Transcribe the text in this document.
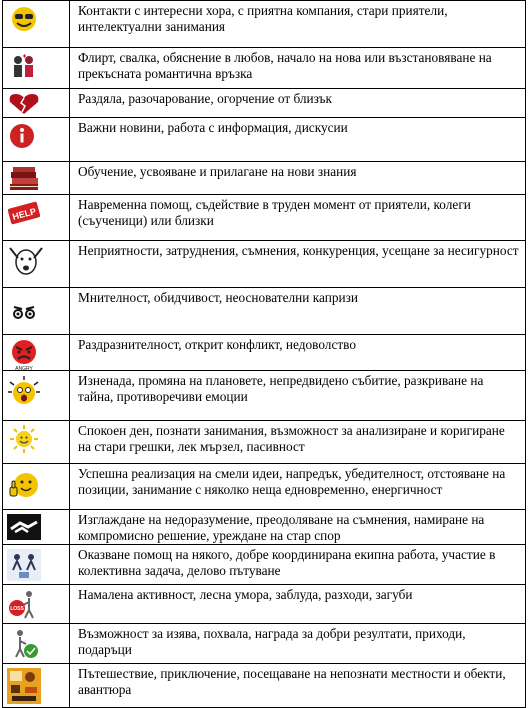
	Контакти с интересни хора, с приятна компания, стари приятели, интелектуални занимания

	Флирт, свалка, обяснение в любов, начало на нова или възстановяване на прекъсната романтична връзка

	Раздяла, разочарование, огорчение от близък

	Важни новини, работа с информация, дискусии

	Обучение, усвояване и прилагане на нови знания

HELP	Навременна помощ, съдействие в труден момент от приятели, колеги (съученици) или близки

	Неприятности, затруднения, съмнения, конкуренция, усещане за несигурност

	Мнителност, обидчивост, неоснователни капризи

ANGRY	Раздразнителност, открит конфликт, недоволство

	Изненада, промяна на плановете, непредвидено събитие, разкриване на тайна, противоречиви емоции

	Спокоен ден, познати занимания, възможност за анализиране и коригиране на стари грешки, лек мързел, пасивност

	Успешна реализация на смели идеи, напредък, убедителност, отстояване на позиции, занимание с няколко неща едновременно, енергичност

	Изглаждане на недоразумение, преодоляване на съмнения, намиране на компромисно решение, уреждане на стар спор

	Оказване помощ на някого, добре координирана екипна работа, участие в колективна задача, делово пътуване

LOSS	Намалена активност, лесна умора, заблуда, разходи, загуби

	Възможност за изява, похвала, награда за добри резултати, приходи, подаръци

	Пътешествие, приключение, посещаване на непознати местности и обекти, авантюра
